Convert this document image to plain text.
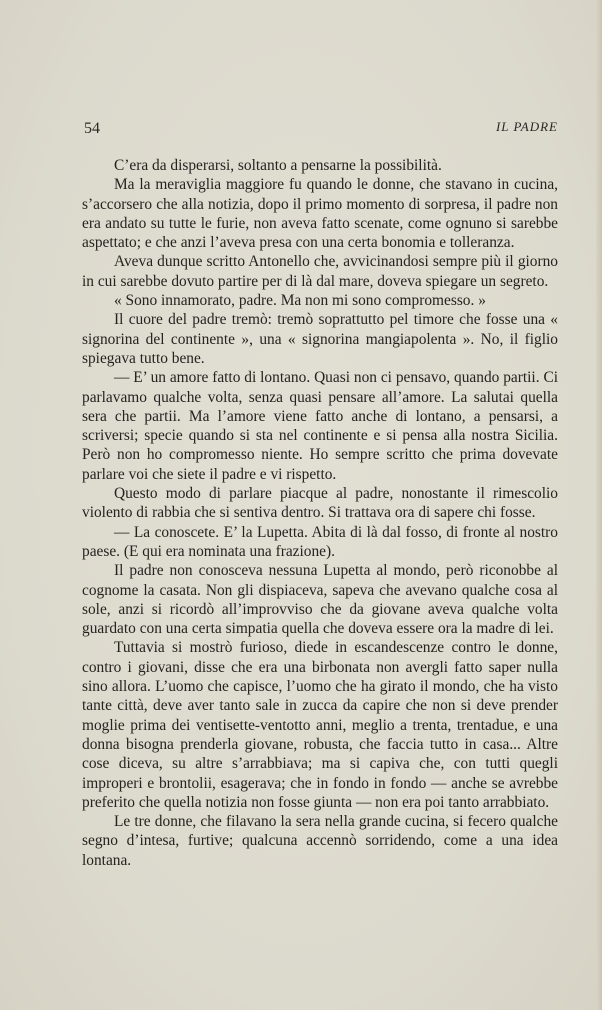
54	IL PADRE

C’era da disperarsi, soltanto a pensarne la possibilità.

Ma la meraviglia maggiore fu quando le donne, che stavano in cucina, s’accorsero che alla notizia, dopo il primo momento di sorpresa, il padre non era andato su tutte le furie, non aveva fatto scenate, come ognuno si sarebbe aspettato; e che anzi l’aveva presa con una certa bonomia e tolleranza.

Aveva dunque scritto Antonello che, avvicinandosi sempre più il giorno in cui sarebbe dovuto partire per di là dal mare, doveva spiegare un segreto.

« Sono innamorato, padre. Ma non mi sono compromesso. »

Il cuore del padre tremò: tremò soprattutto pel timore che fosse una « signorina del continente », una « signorina mangiapolenta ». No, il figlio spiegava tutto bene.

— E’ un amore fatto di lontano. Quasi non ci pensavo, quando partii. Ci parlavamo qualche volta, senza quasi pensare all’amore. La salutai quella sera che partii. Ma l’amore viene fatto anche di lontano, a pensarsi, a scriversi; specie quando si sta nel continente e si pensa alla nostra Sicilia. Però non ho compromesso niente. Ho sempre scritto che prima dovevate parlare voi che siete il padre e vi rispetto.

Questo modo di parlare piacque al padre, nonostante il rimescolio violento di rabbia che si sentiva dentro. Si trattava ora di sapere chi fosse.

— La conoscete. E’ la Lupetta. Abita di là dal fosso, di fronte al nostro paese. (E qui era nominata una frazione).

Il padre non conosceva nessuna Lupetta al mondo, però riconobbe al cognome la casata. Non gli dispiaceva, sapeva che avevano qualche cosa al sole, anzi si ricordò all’improvviso che da giovane aveva qualche volta guardato con una certa simpatia quella che doveva essere ora la madre di lei.

Tuttavia si mostrò furioso, diede in escandescenze contro le donne, contro i giovani, disse che era una birbonata non avergli fatto saper nulla sino allora. L’uomo che capisce, l’uomo che ha girato il mondo, che ha visto tante città, deve aver tanto sale in zucca da capire che non si deve prender moglie prima dei ventisette-ventotto anni, meglio a trenta, trentadue, e una donna bisogna prenderla giovane, robusta, che faccia tutto in casa... Altre cose diceva, su altre s’arrabbiava; ma si capiva che, con tutti quegli improperi e brontolii, esagerava; che in fondo in fondo — anche se avrebbe preferito che quella notizia non fosse giunta — non era poi tanto arrabbiato.

Le tre donne, che filavano la sera nella grande cucina, si fecero qualche segno d’intesa, furtive; qualcuna accennò sorridendo, come a una idea lontana.
